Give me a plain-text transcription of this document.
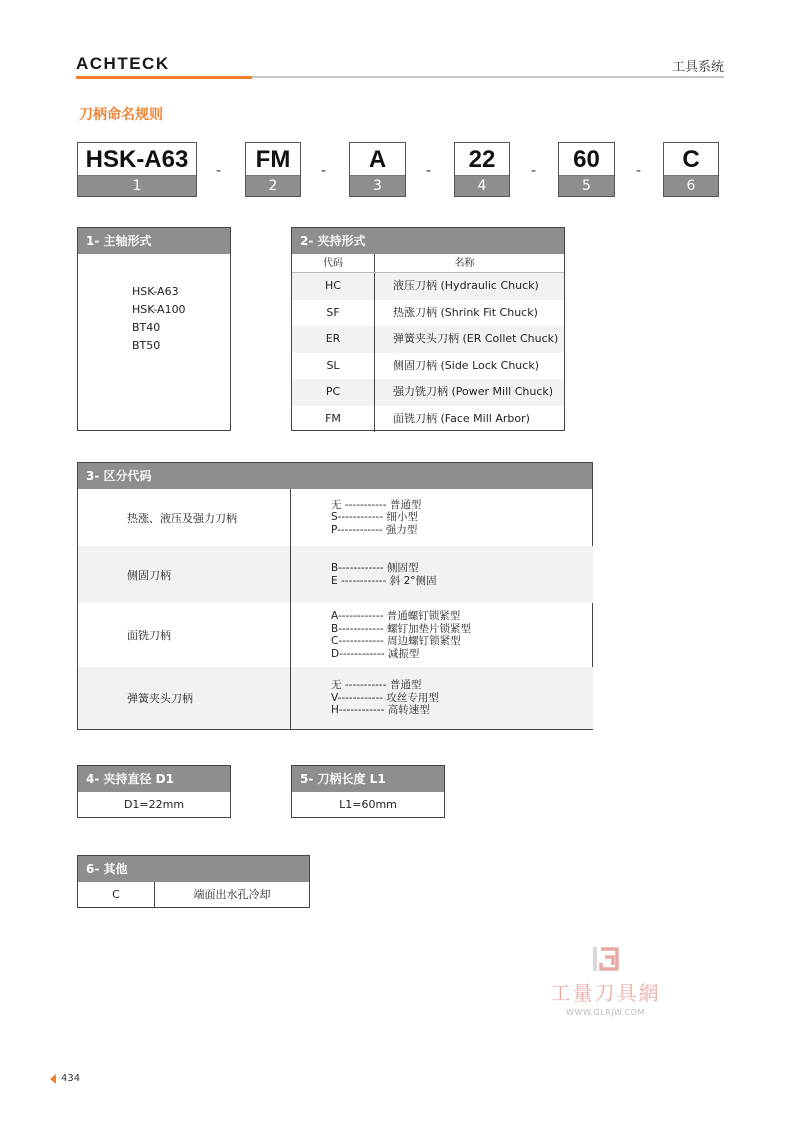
ACHTECK	工具系统
刀柄命名规则
HSK-A63
1
-	FM
2
-	A
3
-	22
4
-	60
5
-	C
6
1- 主轴形式
HSK-A63
HSK-A100
BT40
BT50
2- 夹持形式
代码	名称
HC	液压刀柄 (Hydraulic Chuck)
SF	热涨刀柄 (Shrink Fit Chuck)
ER	弹簧夹头刀柄 (ER Collet Chuck)
SL	侧固刀柄 (Side Lock Chuck)
PC	强力铣刀柄 (Power Mill Chuck)
FM	面铣刀柄 (Face Mill Arbor)
3- 区分代码
热涨、液压及强力刀柄
无 ----------- 普通型
S------------ 细小型
P------------ 强力型
侧固刀柄
B------------ 侧固型
E ------------ 斜 2°侧固
面铣刀柄
A------------ 普通螺钉锁紧型
B------------ 螺钉加垫片锁紧型
C------------ 周边螺钉锁紧型
D------------ 减振型
弹簧夹头刀柄
无 ----------- 普通型
V------------ 攻丝专用型
H------------ 高转速型
4- 夹持直径 D1
D1=22mm
5- 刀柄长度 L1
L1=60mm
6- 其他
C	端面出水孔冷却
工量刀具網
WWW.GLRJW.COM
434
